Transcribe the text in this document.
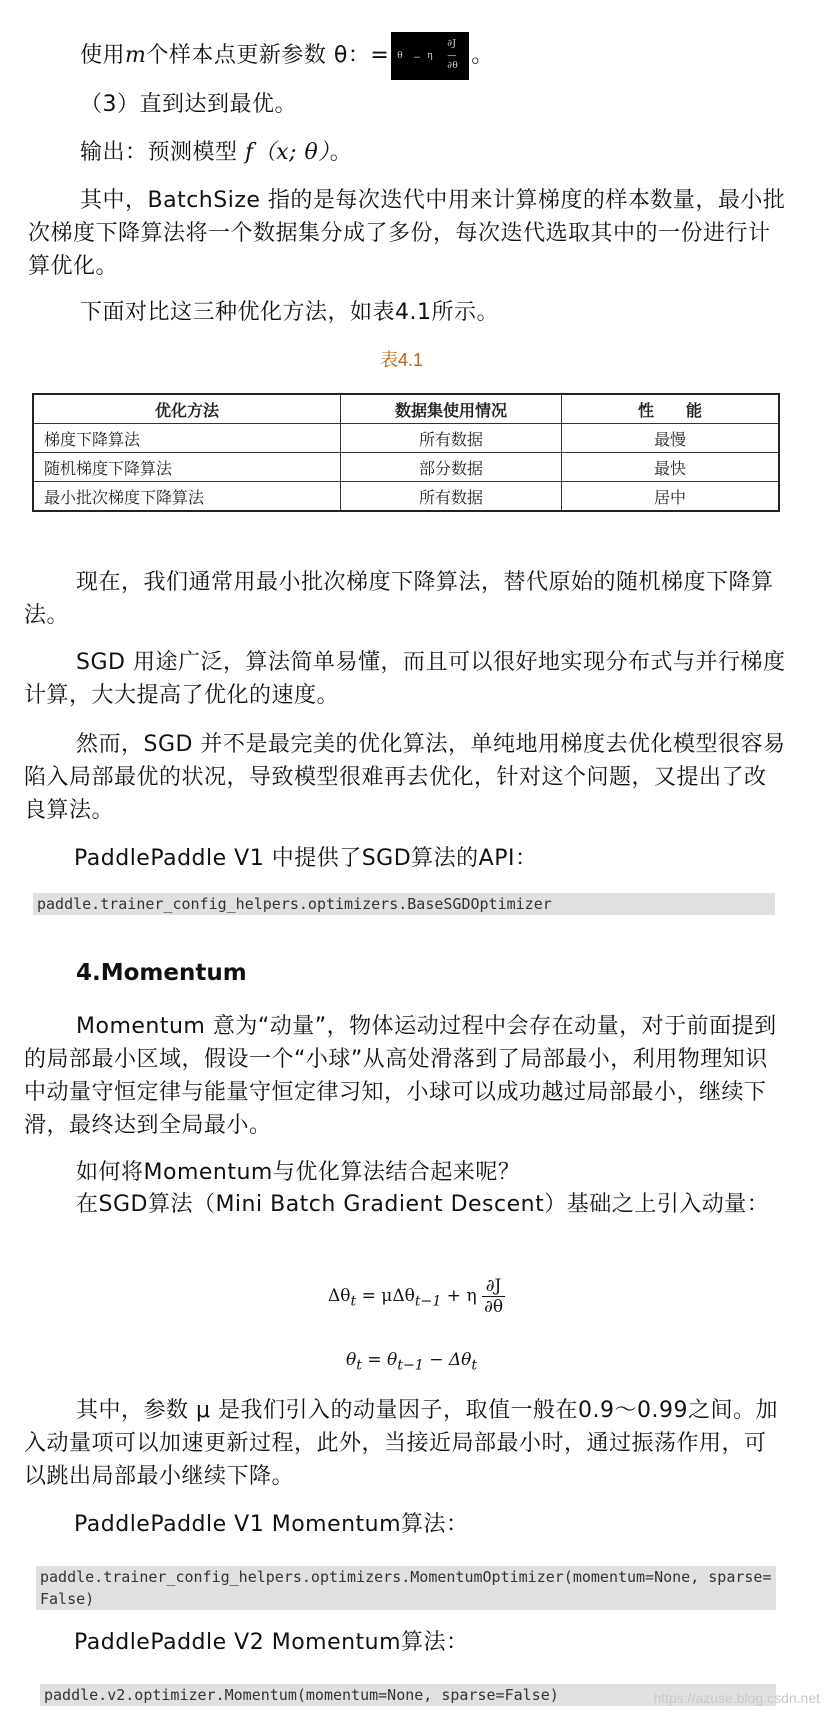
使用m个样本点更新参数 θ：= θ − η
∂J
—
∂θ 。
（3）直到达到最优。
输出：预测模型 f（x; θ）。
其中，BatchSize 指的是每次迭代中用来计算梯度的样本数量，最小批次梯度下降算法将一个数据集分成了多份，每次迭代选取其中的一份进行计算优化。
下面对比这三种优化方法，如表4.1所示。
表4.1
优化方法	数据集使用情况	性　　能
梯度下降算法	所有数据	最慢
随机梯度下降算法	部分数据	最快
最小批次梯度下降算法	所有数据	居中
现在，我们通常用最小批次梯度下降算法，替代原始的随机梯度下降算法。
SGD 用途广泛，算法简单易懂，而且可以很好地实现分布式与并行梯度计算，大大提高了优化的速度。
然而，SGD 并不是最完美的优化算法，单纯地用梯度去优化模型很容易陷入局部最优的状况，导致模型很难再去优化，针对这个问题，又提出了改良算法。
PaddlePaddle V1 中提供了SGD算法的API：
paddle.trainer_config_helpers.optimizers.BaseSGDOptimizer
4.Momentum
Momentum 意为“动量”，物体运动过程中会存在动量，对于前面提到的局部最小区域，假设一个“小球”从高处滑落到了局部最小，利用物理知识中动量守恒定律与能量守恒定律习知，小球可以成功越过局部最小，继续下滑，最终达到全局最小。
如何将Momentum与优化算法结合起来呢？
在SGD算法（Mini Batch Gradient Descent）基础之上引入动量：
$\Delta\theta_t = \mu\Delta\theta_{t-1} + \eta \frac{\partial J}{\partial\theta}$
$\theta_t = \theta_{t-1} - \Delta\theta_t$
其中，参数 μ 是我们引入的动量因子，取值一般在0.9～0.99之间。加入动量项可以加速更新过程，此外，当接近局部最小时，通过振荡作用，可以跳出局部最小继续下降。
PaddlePaddle V1 Momentum算法：
paddle.trainer_config_helpers.optimizers.MomentumOptimizer(momentum=None, sparse=False)
PaddlePaddle V2 Momentum算法：
paddle.v2.optimizer.Momentum(momentum=None, sparse=False)	https://azuse.blog.csdn.net
